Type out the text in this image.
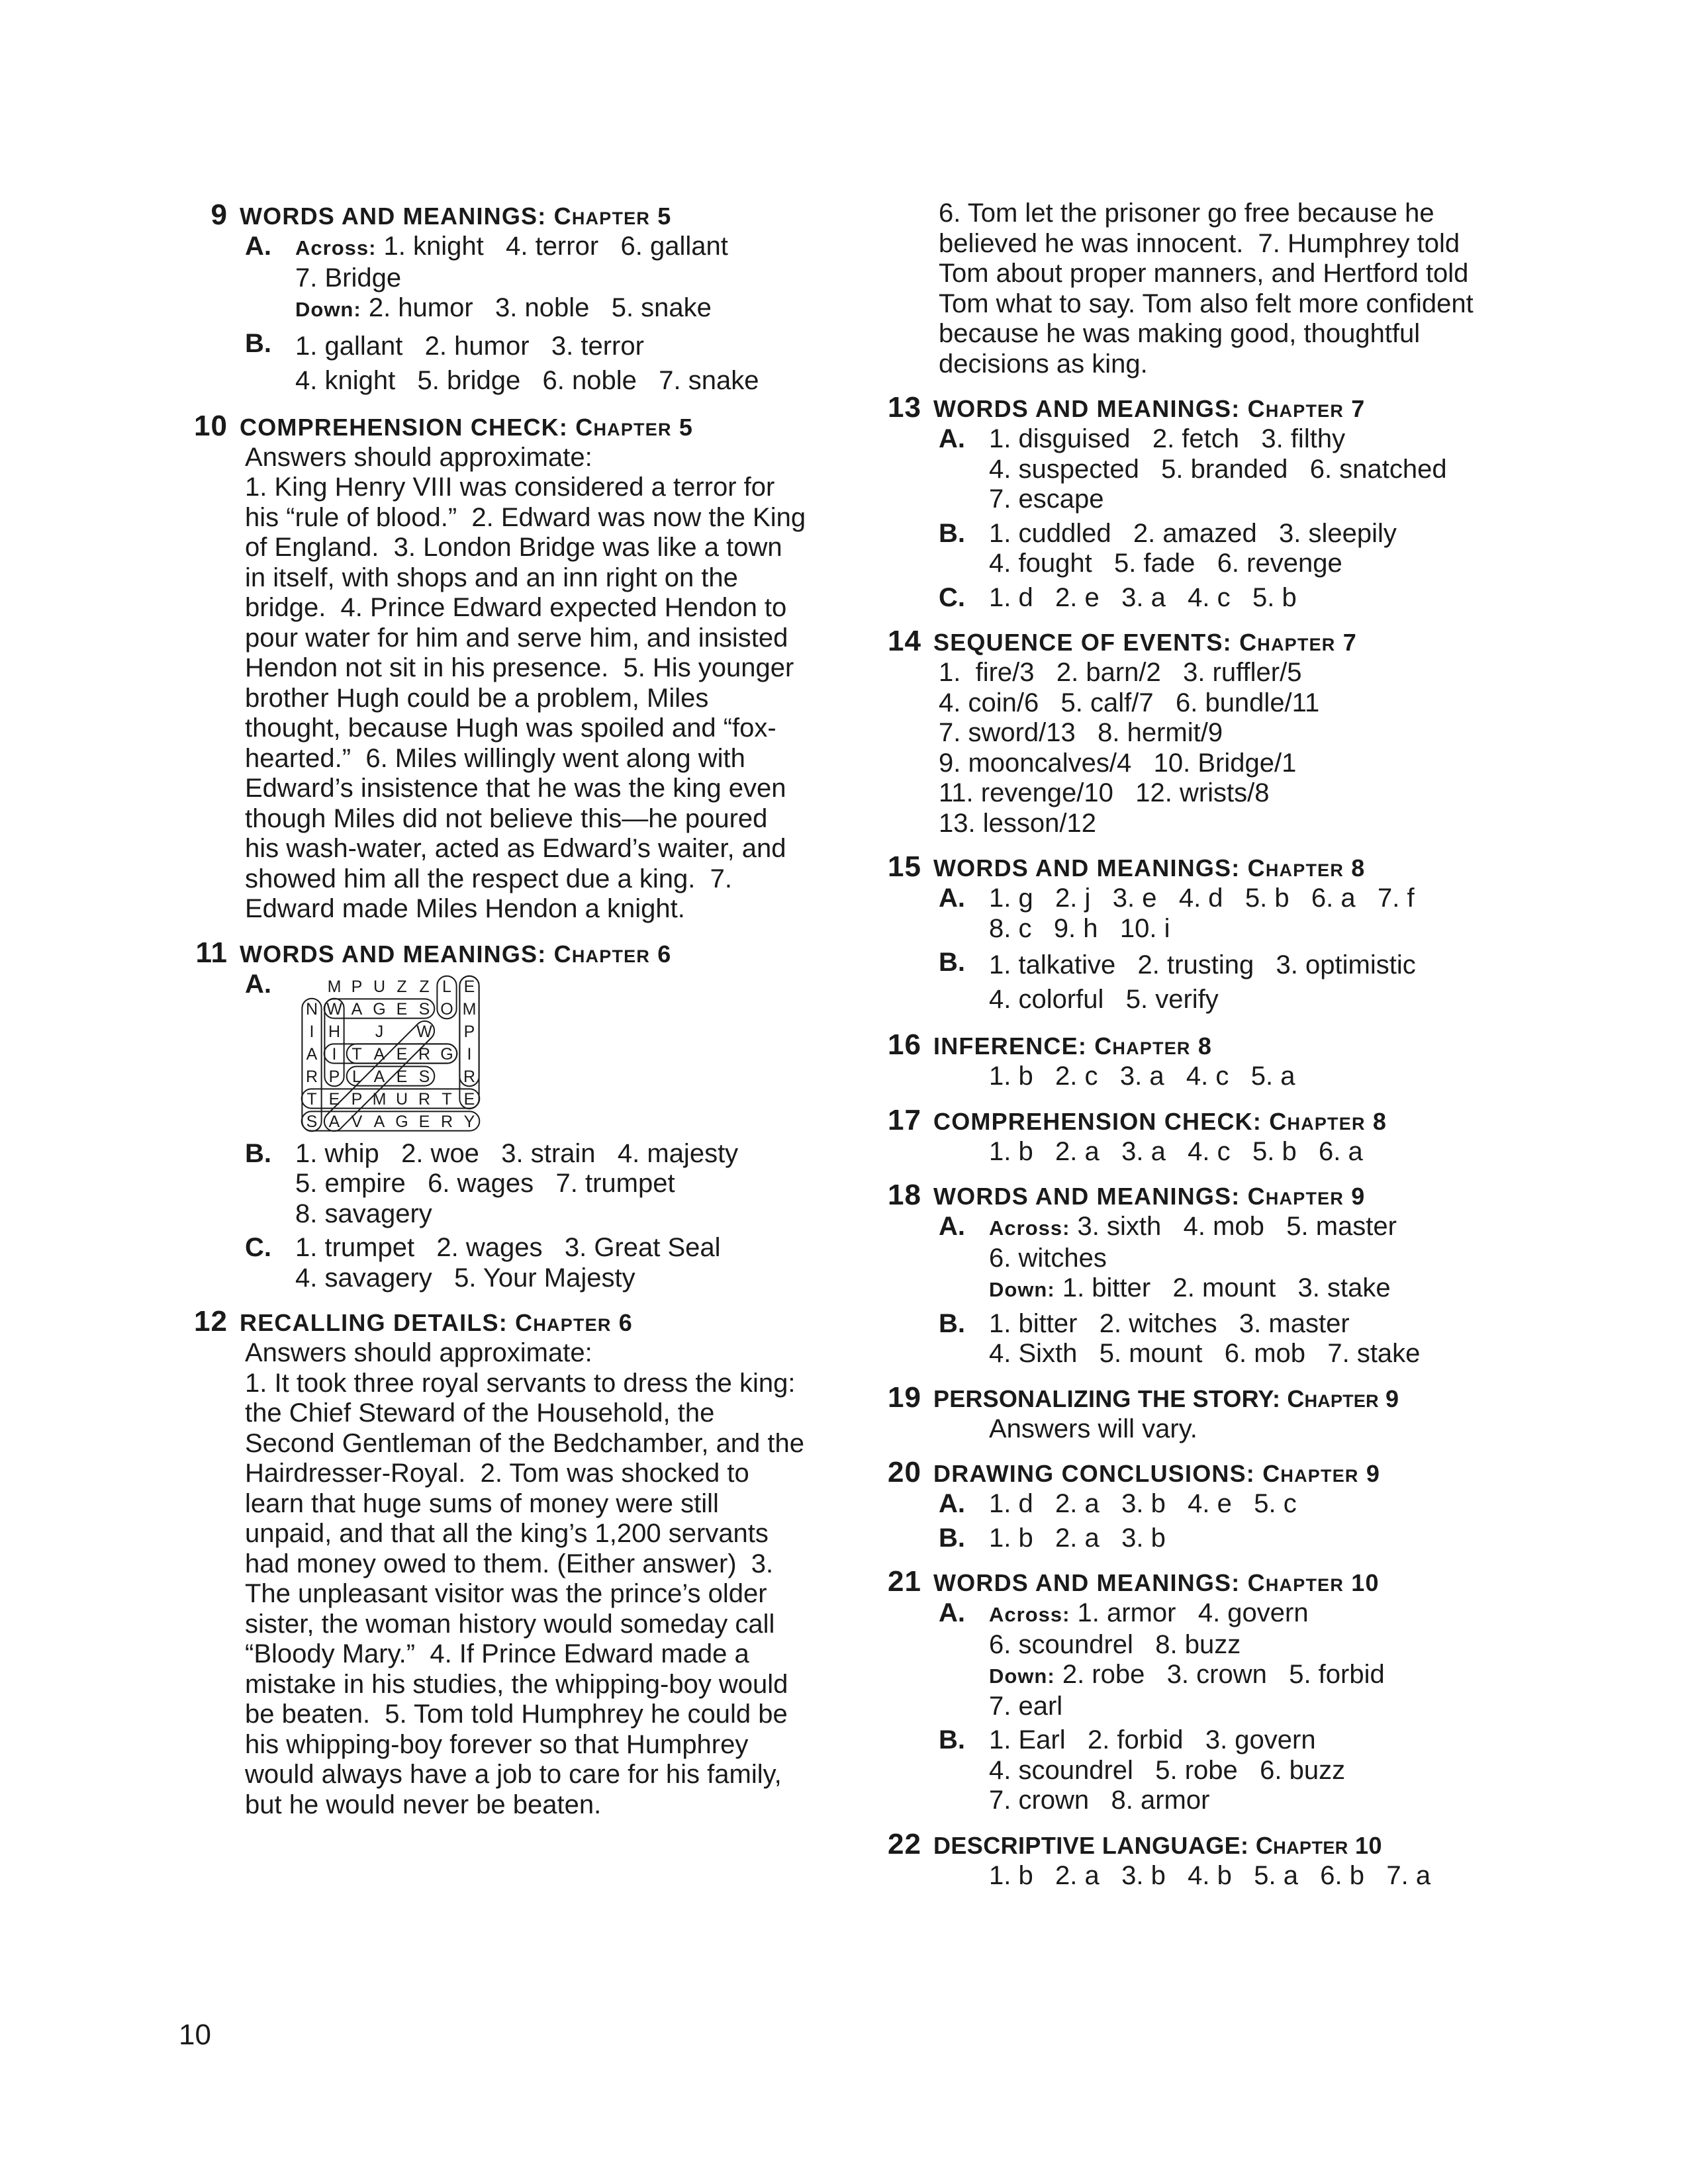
9 WORDS AND MEANINGS: CHAPTER 5
A.	Across: 1. knight   4. terror   6. gallant
7. Bridge
Down: 2. humor   3. noble   5. snake
B. 1. gallant   2. humor   3. terror
4. knight   5. bridge   6. noble   7. snake
10 COMPREHENSION CHECK: CHAPTER 5
Answers should approximate:
1. King Henry VIII was considered a terror for his “rule of blood.”  2. Edward was now the King of England.  3. London Bridge was like a town in itself, with shops and an inn right on the bridge.  4. Prince Edward expected Hendon to pour water for him and serve him, and insisted Hendon not sit in his presence.  5. His younger brother Hugh could be a problem, Miles thought, because Hugh was spoiled and “fox-hearted.”  6. Miles willingly went along with Edward’s insistence that he was the king even though Miles did not believe this—he poured his wash-water, acted as Edward’s waiter, and showed him all the respect due a king.  7. Edward made Miles Hendon a knight.
11 WORDS AND MEANINGS: CHAPTER 6
A.	M P U Z Z L E
N W A G E S O M
I H J W P
A I T A E R G I
R P L A E S R
T E P M U R T E
S A V A G E R Y
B. 1. whip   2. woe   3. strain   4. majesty
5. empire   6. wages   7. trumpet
8. savagery
C. 1. trumpet   2. wages   3. Great Seal
4. savagery   5. Your Majesty
12 RECALLING DETAILS: CHAPTER 6
Answers should approximate:
1. It took three royal servants to dress the king: the Chief Steward of the Household, the Second Gentleman of the Bedchamber, and the Hairdresser-Royal.  2. Tom was shocked to learn that huge sums of money were still unpaid, and that all the king’s 1,200 servants had money owed to them. (Either answer)  3. The unpleasant visitor was the prince’s older sister, the woman history would someday call “Bloody Mary.”  4. If Prince Edward made a mistake in his studies, the whipping-boy would be beaten.  5. Tom told Humphrey he could be his whipping-boy forever so that Humphrey would always have a job to care for his family, but he would never be beaten.
6. Tom let the prisoner go free because he believed he was innocent.  7. Humphrey told Tom about proper manners, and Hertford told Tom what to say. Tom also felt more confident because he was making good, thoughtful decisions as king.
13 WORDS AND MEANINGS: CHAPTER 7
A. 1. disguised   2. fetch   3. filthy
4. suspected   5. branded   6. snatched
7. escape
B. 1. cuddled   2. amazed   3. sleepily
4. fought   5. fade   6. revenge
C. 1. d   2. e   3. a   4. c   5. b
14 SEQUENCE OF EVENTS: CHAPTER 7
1.  fire/3   2. barn/2   3. ruffler/5
4. coin/6   5. calf/7   6. bundle/11
7. sword/13   8. hermit/9
9. mooncalves/4   10. Bridge/1
11. revenge/10   12. wrists/8
13. lesson/12
15 WORDS AND MEANINGS: CHAPTER 8
A. 1. g   2. j   3. e   4. d   5. b   6. a   7. f
8. c   9. h   10. i
B. 1. talkative   2. trusting   3. optimistic
4. colorful   5. verify
16 INFERENCE: CHAPTER 8
1. b   2. c   3. a   4. c   5. a
17 COMPREHENSION CHECK: CHAPTER 8
1. b   2. a   3. a   4. c   5. b   6. a
18 WORDS AND MEANINGS: CHAPTER 9
A.	Across: 3. sixth   4. mob   5. master
6. witches
Down: 1. bitter   2. mount   3. stake
B. 1. bitter   2. witches   3. master
4. Sixth   5. mount   6. mob   7. stake
19 PERSONALIZING THE STORY: CHAPTER 9
Answers will vary.
20 DRAWING CONCLUSIONS: CHAPTER 9
A. 1. d   2. a   3. b   4. e   5. c
B. 1. b   2. a   3. b
21 WORDS AND MEANINGS: CHAPTER 10
A.	Across: 1. armor   4. govern
6. scoundrel   8. buzz
Down: 2. robe   3. crown   5. forbid
7. earl
B. 1. Earl   2. forbid   3. govern
4. scoundrel   5. robe   6. buzz
7. crown   8. armor
22 DESCRIPTIVE LANGUAGE: CHAPTER 10
1. b   2. a   3. b   4. b   5. a   6. b   7. a
10
